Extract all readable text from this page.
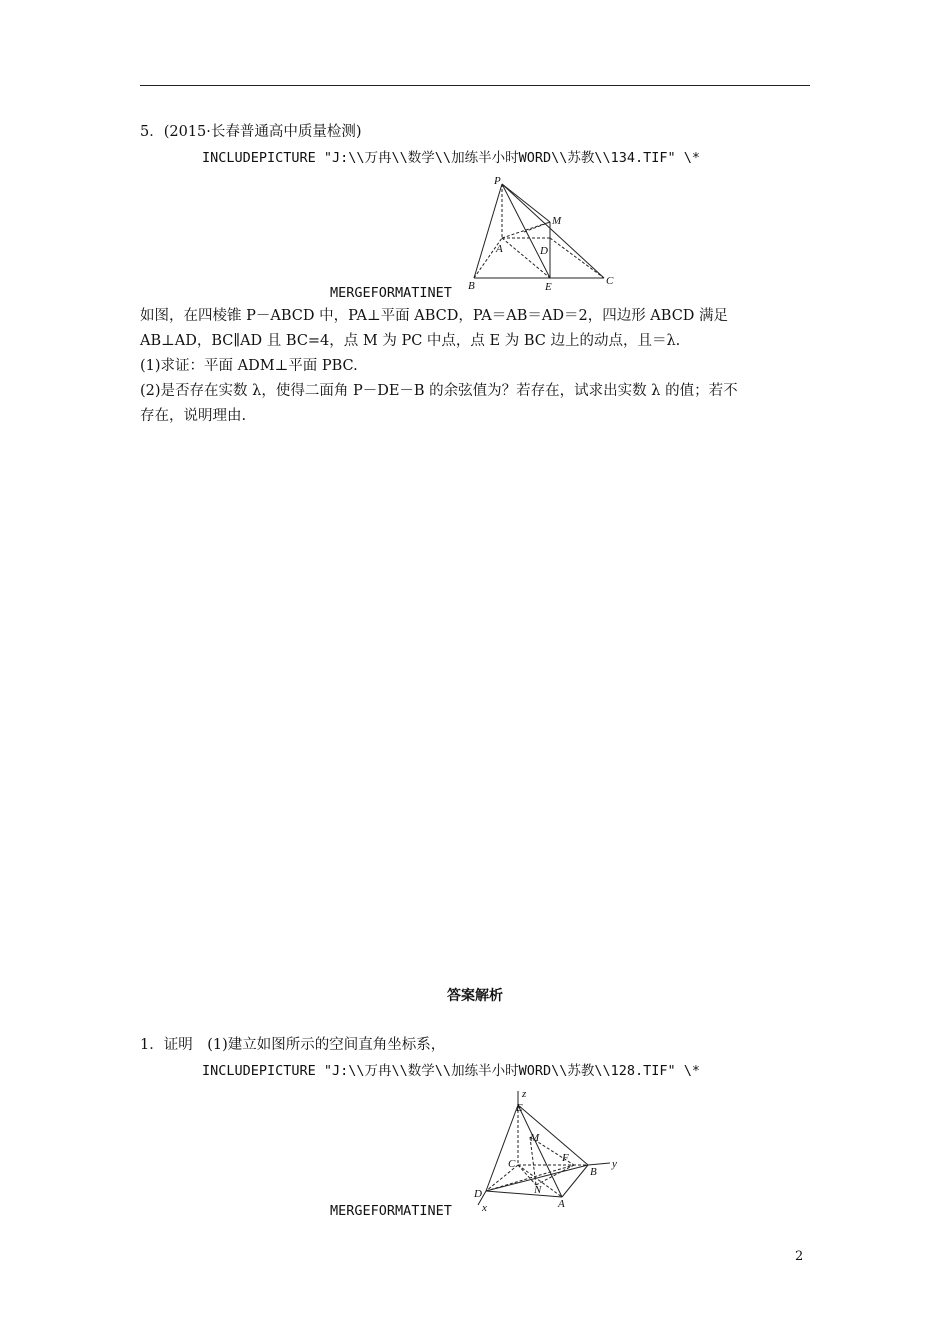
5．(2015·长春普通高中质量检测)
INCLUDEPICTURE "J:\\万冉\\数学\\加练半小时WORD\\苏教\\134.TIF" \*
P
M
A	D
B	E	C
MERGEFORMATINET
如图，在四棱锥 P－ABCD 中，PA⊥平面 ABCD，PA＝AB＝AD＝2，四边形 ABCD 满足
AB⊥AD，BC∥AD 且 BC=4，点 M 为 PC 中点，点 E 为 BC 边上的动点，且＝λ.
(1)求证：平面 ADM⊥平面 PBC.
(2)是否存在实数 λ，使得二面角 P－DE－B 的余弦值为？若存在，试求出实数 λ 的值；若不
存在，说明理由.
答案解析
1．证明　(1)建立如图所示的空间直角坐标系，
INCLUDEPICTURE "J:\\万冉\\数学\\加练半小时WORD\\苏教\\128.TIF" \*
z
E
M
C	F
B
y
D	N
A
x
MERGEFORMATINET
2
